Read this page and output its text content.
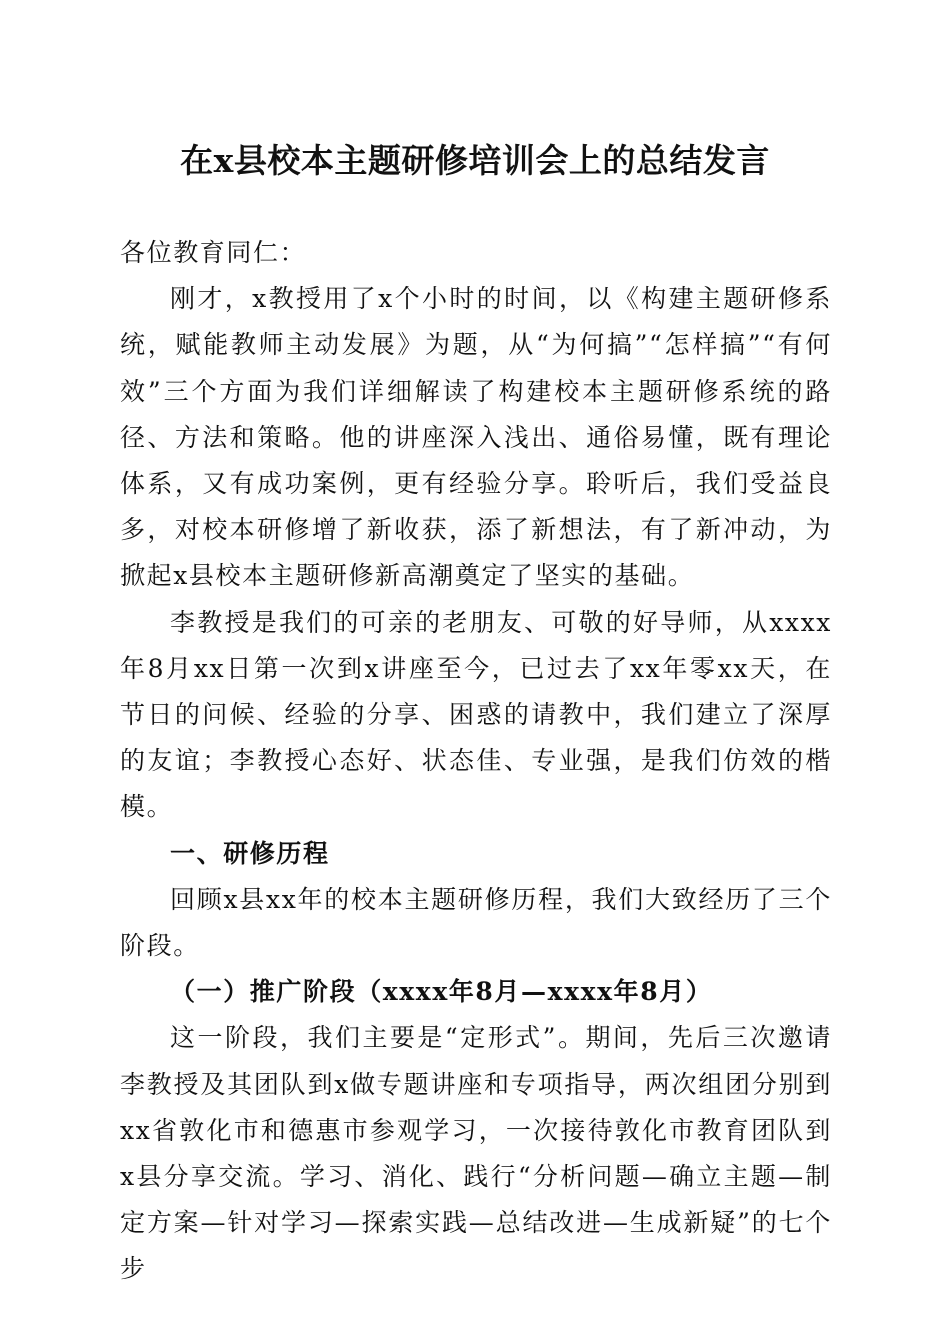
在x县校本主题研修培训会上的总结发言

各位教育同仁：

刚才，x教授用了x个小时的时间，以《构建主题研修系统，赋能教师主动发展》为题，从“为何搞”“怎样搞”“有何效”三个方面为我们详细解读了构建校本主题研修系统的路径、方法和策略。他的讲座深入浅出、通俗易懂，既有理论体系，又有成功案例，更有经验分享。聆听后，我们受益良多，对校本研修增了新收获，添了新想法，有了新冲动，为掀起x县校本主题研修新高潮奠定了坚实的基础。

李教授是我们的可亲的老朋友、可敬的好导师，从xxxx年8月xx日第一次到x讲座至今，已过去了xx年零xx天，在节日的问候、经验的分享、困惑的请教中，我们建立了深厚的友谊；李教授心态好、状态佳、专业强，是我们仿效的楷模。

一、研修历程

回顾x县xx年的校本主题研修历程，我们大致经历了三个阶段。

（一）推广阶段（xxxx年8月—xxxx年8月）

这一阶段，我们主要是“定形式”。期间，先后三次邀请李教授及其团队到x做专题讲座和专项指导，两次组团分别到xx省敦化市和德惠市参观学习，一次接待敦化市教育团队到x县分享交流。学习、消化、践行“分析问题—确立主题—制定方案—针对学习—探索实践—总结改进—生成新疑”的七个步
